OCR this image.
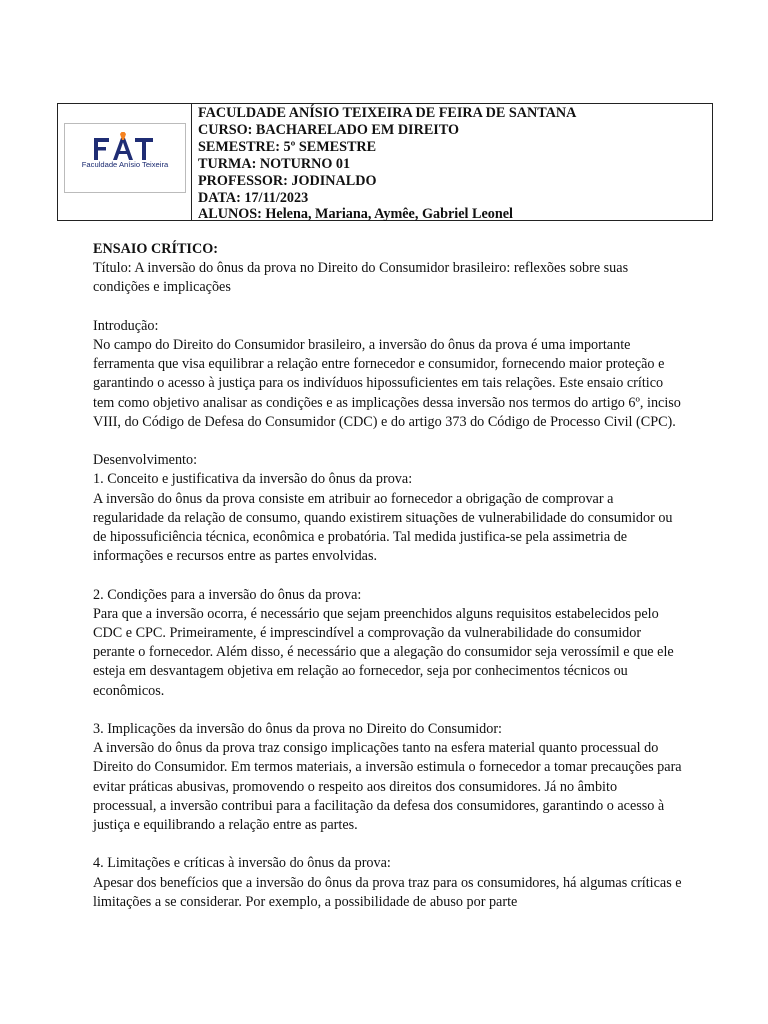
Faculdade Anísio Teixeira
FACULDADE ANÍSIO TEIXEIRA DE FEIRA DE SANTANA
CURSO: BACHARELADO EM DIREITO
SEMESTRE: 5º SEMESTRE
TURMA: NOTURNO 01
PROFESSOR: JODINALDO
DATA: 17/11/2023
ALUNOS: Helena, Mariana, Aymêe, Gabriel Leonel

ENSAIO CRÍTICO:

Título: A inversão do ônus da prova no Direito do Consumidor brasileiro: reflexões sobre suas condições e implicações

Introdução:

No campo do Direito do Consumidor brasileiro, a inversão do ônus da prova é uma importante ferramenta que visa equilibrar a relação entre fornecedor e consumidor, fornecendo maior proteção e garantindo o acesso à justiça para os indivíduos hipossuficientes em tais relações. Este ensaio crítico tem como objetivo analisar as condições e as implicações dessa inversão nos termos do artigo 6º, inciso VIII, do Código de Defesa do Consumidor (CDC) e do artigo 373 do Código de Processo Civil (CPC).

Desenvolvimento:

1. Conceito e justificativa da inversão do ônus da prova:

A inversão do ônus da prova consiste em atribuir ao fornecedor a obrigação de comprovar a regularidade da relação de consumo, quando existirem situações de vulnerabilidade do consumidor ou de hipossuficiência técnica, econômica e probatória. Tal medida justifica-se pela assimetria de informações e recursos entre as partes envolvidas.

2. Condições para a inversão do ônus da prova:

Para que a inversão ocorra, é necessário que sejam preenchidos alguns requisitos estabelecidos pelo CDC e CPC. Primeiramente, é imprescindível a comprovação da vulnerabilidade do consumidor perante o fornecedor. Além disso, é necessário que a alegação do consumidor seja verossímil e que ele esteja em desvantagem objetiva em relação ao fornecedor, seja por conhecimentos técnicos ou econômicos.

3. Implicações da inversão do ônus da prova no Direito do Consumidor:

A inversão do ônus da prova traz consigo implicações tanto na esfera material quanto processual do Direito do Consumidor. Em termos materiais, a inversão estimula o fornecedor a tomar precauções para evitar práticas abusivas, promovendo o respeito aos direitos dos consumidores. Já no âmbito processual, a inversão contribui para a facilitação da defesa dos consumidores, garantindo o acesso à justiça e equilibrando a relação entre as partes.

4. Limitações e críticas à inversão do ônus da prova:

Apesar dos benefícios que a inversão do ônus da prova traz para os consumidores, há algumas críticas e limitações a se considerar. Por exemplo, a possibilidade de abuso por parte
